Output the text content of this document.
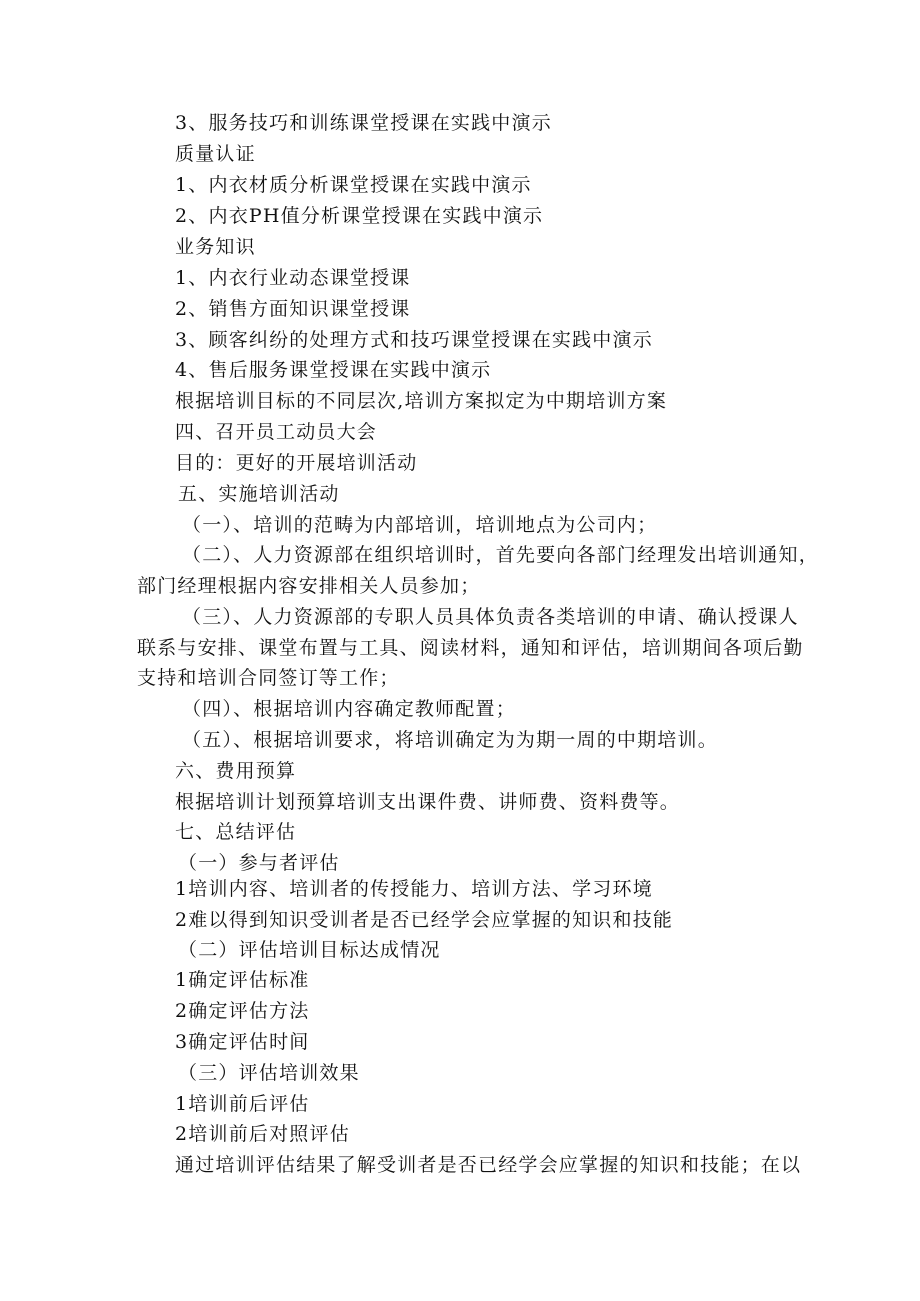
3、服务技巧和训练课堂授课在实践中演示
质量认证
1、内衣材质分析课堂授课在实践中演示
2、内衣PH值分析课堂授课在实践中演示
业务知识
1、内衣行业动态课堂授课
2、销售方面知识课堂授课
3、顾客纠纷的处理方式和技巧课堂授课在实践中演示
4、售后服务课堂授课在实践中演示
根据培训目标的不同层次,培训方案拟定为中期培训方案
四、召开员工动员大会
目的：更好的开展培训活动
五、实施培训活动
（一）、培训的范畴为内部培训，培训地点为公司内；
（二）、人力资源部在组织培训时，首先要向各部门经理发出培训通知，
部门经理根据内容安排相关人员参加；
（三）、人力资源部的专职人员具体负责各类培训的申请、确认授课人
联系与安排、课堂布置与工具、阅读材料，通知和评估，培训期间各项后勤
支持和培训合同签订等工作；
（四）、根据培训内容确定教师配置；
（五）、根据培训要求，将培训确定为为期一周的中期培训。
六、费用预算
根据培训计划预算培训支出课件费、讲师费、资料费等。
七、总结评估
（一）参与者评估
1培训内容、培训者的传授能力、培训方法、学习环境
2难以得到知识受训者是否已经学会应掌握的知识和技能
（二）评估培训目标达成情况
1确定评估标准
2确定评估方法
3确定评估时间
（三）评估培训效果
1培训前后评估
2培训前后对照评估
通过培训评估结果了解受训者是否已经学会应掌握的知识和技能；在以
